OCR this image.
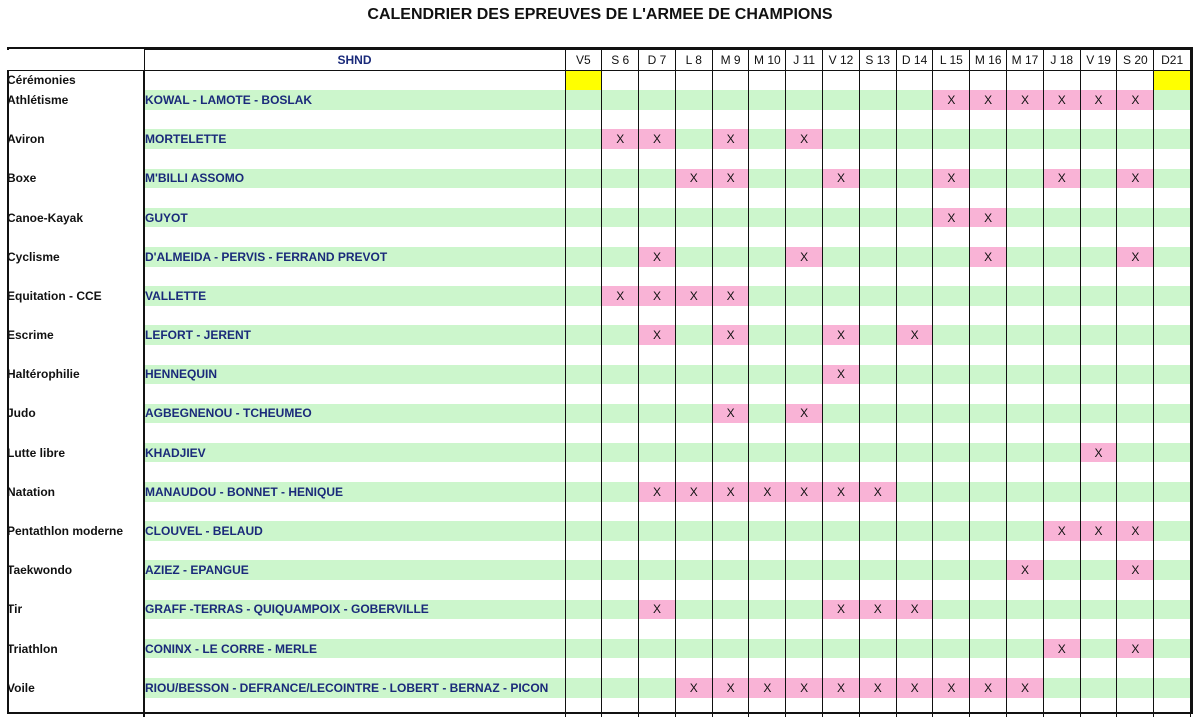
CALENDRIER DES EPREUVES DE L'ARMEE DE CHAMPIONS
	SHND	V5	S 6	D 7	L 8	M 9	M 10	J 11	V 12	S 13	D 14	L 15	M 16	M 17	J 18	V 19	S 20	D21
Cérémonies																		
Athlétisme	KOWAL - LAMOTE - BOSLAK											X	X	X	X	X	X	

Aviron	MORTELETTE		X	X		X		X										

Boxe	M'BILLI ASSOMO				X	X			X			X			X		X	

Canoe-Kayak	GUYOT											X	X					

Cyclisme	D'ALMEIDA - PERVIS - FERRAND PREVOT			X				X					X				X	

Equitation - CCE	VALLETTE		X	X	X	X												

Escrime	LEFORT - JERENT			X		X			X		X							

Haltérophilie	HENNEQUIN								X									

Judo	AGBEGNENOU - TCHEUMEO					X		X										

Lutte libre	KHADJIEV															X		

Natation	MANAUDOU - BONNET - HENIQUE			X	X	X	X	X	X	X								

Pentathlon moderne	CLOUVEL - BELAUD														X	X	X	

Taekwondo	AZIEZ - EPANGUE													X			X	

Tir	GRAFF -TERRAS - QUIQUAMPOIX - GOBERVILLE			X					X	X	X							

Triathlon	CONINX - LE CORRE - MERLE														X		X	

Voile	RIOU/BESSON - DEFRANCE/LECOINTRE - LOBERT - BERNAZ - PICON				X	X	X	X	X	X	X	X	X	X				
